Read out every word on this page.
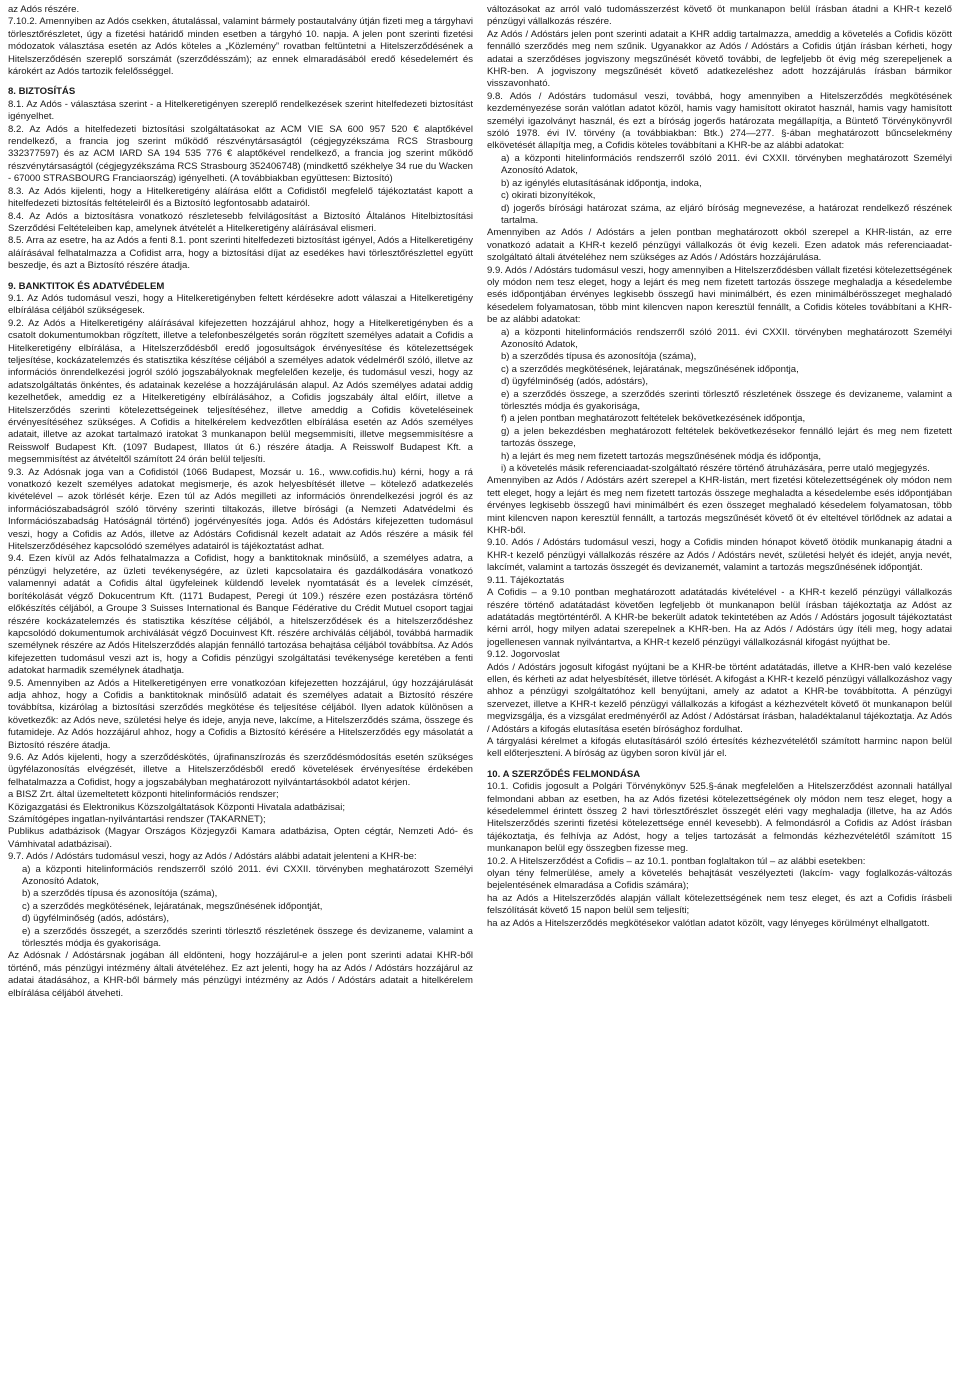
az Adós részére.

7.10.2. Amennyiben az Adós csekken, átutalással, valamint bármely postautalvány útján fizeti meg a tárgyhavi törlesztőrészletet, úgy a fizetési határidő minden esetben a tárgyhó 10. napja. A jelen pont szerinti fizetési módozatok választása esetén az Adós köteles a „Közlemény” rovatban feltüntetni a Hitelszerződésének a Hitelszerződésén szereplő sorszámát (szerződésszám); az ennek elmaradásából eredő késedelemért és károkért az Adós tartozik felelősséggel.

8. BIZTOSÍTÁS

8.1. Az Adós - választása szerint - a Hitelkeretigényen szereplő rendelkezések szerint hitelfedezeti biztosítást igényelhet.

8.2. Az Adós a hitelfedezeti biztosítási szolgáltatásokat az ACM VIE SA 600 957 520 € alaptőkével rendelkező, a francia jog szerint működő részvénytársaságtól (cégjegyzékszáma RCS Strasbourg 332377597) és az ACM IARD SA 194 535 776 € alaptőkével rendelkező, a francia jog szerint működő részvénytársaságtól (cégjegyzékszáma RCS Strasbourg 352406748) (mindkettő székhelye 34 rue du Wacken - 67000 STRASBOURG Franciaország) igényelheti. (A továbbiakban együttesen: Biztosító)

8.3. Az Adós kijelenti, hogy a Hitelkeretigény aláírása előtt a Cofidistől megfelelő tájékoztatást kapott a hitelfedezeti biztosítás feltételeiről és a Biztosító legfontosabb adatairól.

8.4. Az Adós a biztosításra vonatkozó részletesebb felvilágosítást a Biztosító Általános Hitelbiztosítási Szerződési Feltételeiben kap, amelynek átvételét a Hitelkeretigény aláírásával elismeri.

8.5. Arra az esetre, ha az Adós a fenti 8.1. pont szerinti hitelfedezeti biztosítást igényel, Adós a Hitelkeretigény aláírásával felhatalmazza a Cofidist arra, hogy a biztosítási díjat az esedékes havi törlesztőrészlettel együtt beszedje, és azt a Biztosító részére átadja.

9. BANKTITOK ÉS ADATVÉDELEM

9.1. Az Adós tudomásul veszi, hogy a Hitelkeretigényben feltett kérdésekre adott válaszai a Hitelkeretigény elbírálása céljából szükségesek.

9.2. Az Adós a Hitelkeretigény aláírásával kifejezetten hozzájárul ahhoz, hogy a Hitelkeretigényben és a csatolt dokumentumokban rögzített, illetve a telefonbeszélgetés során rögzített személyes adatait a Cofidis a Hitelkeretigény elbírálása, a Hitelszerződésből eredő jogosultságok érvényesítése és kötelezettségek teljesítése, kockázatelemzés és statisztika készítése céljából a személyes adatok védelméről szóló, illetve az információs önrendelkezési jogról szóló jogszabályoknak megfelelően kezelje, és tudomásul veszi, hogy az adatszolgáltatás önkéntes, és adatainak kezelése a hozzájárulásán alapul. Az Adós személyes adatai addig kezelhetőek, ameddig ez a Hitelkeretigény elbírálásához, a Cofidis jogszabály által előírt, illetve a Hitelszerződés szerinti kötelezettségeinek teljesítéséhez, illetve ameddig a Cofidis követeléseinek érvényesítéséhez szükséges. A Cofidis a hitelkérelem kedvezőtlen elbírálása esetén az Adós személyes adatait, illetve az azokat tartalmazó iratokat 3 munkanapon belül megsemmisíti, illetve megsemmisítésre a Reisswolf Budapest Kft. (1097 Budapest, Illatos út 6.) részére átadja. A Reisswolf Budapest Kft. a megsemmisítést az átvételtől számított 24 órán belül teljesíti.

9.3. Az Adósnak joga van a Cofidistól (1066 Budapest, Mozsár u. 16., www.cofidis.hu) kérni, hogy a rá vonatkozó kezelt személyes adatokat megismerje, és azok helyesbítését illetve – kötelező adatkezelés kivételével – azok törlését kérje. Ezen túl az Adós megilleti az információs önrendelkezési jogról és az információszabadságról szóló törvény szerinti tiltakozás, illetve bírósági (a Nemzeti Adatvédelmi és Információszabadság Hatóságnál történő) jogérvényesítés joga. Adós és Adóstárs kifejezetten tudomásul veszi, hogy a Cofidis az Adós, illetve az Adóstárs Cofidisnál kezelt adatait az Adós részére a másik fél Hitelszerződéséhez kapcsolódó személyes adatairól is tájékoztatást adhat.

9.4. Ezen kívül az Adós felhatalmazza a Cofidist, hogy a banktitoknak minősülő, a személyes adatra, a pénzügyi helyzetére, az üzleti tevékenységére, az üzleti kapcsolataira és gazdálkodására vonatkozó valamennyi adatát a Cofidis által ügyfeleinek küldendő levelek nyomtatását és a levelek címzését, borítékolását végző Dokucentrum Kft. (1171 Budapest, Peregi út 109.) részére ezen postázásra történő előkészítés céljából, a Groupe 3 Suisses International és Banque Fédérative du Crédit Mutuel csoport tagjai részére kockázatelemzés és statisztika készítése céljából, a hitelszerződések és a hitelszerződéshez kapcsolódó dokumentumok archiválását végző Docuinvest Kft. részére archiválás céljából, továbbá harmadik személynek részére az Adós Hitelszerződés alapján fennálló tartozása behajtása céljából továbbítsa. Az Adós kifejezetten tudomásul veszi azt is, hogy a Cofidis pénzügyi szolgáltatási tevékenysége keretében a fenti adatokat harmadik személynek átadhatja.

9.5. Amennyiben az Adós a Hitelkeretigényen erre vonatkozóan kifejezetten hozzájárul, úgy hozzájárulását adja ahhoz, hogy a Cofidis a banktitoknak minősülő adatait és személyes adatait a Biztosító részére továbbítsa, kizárólag a biztosítási szerződés megkötése és teljesítése céljából. Ilyen adatok különösen a következők: az Adós neve, születési helye és ideje, anyja neve, lakcíme, a Hitelszerződés száma, összege és futamideje. Az Adós hozzájárul ahhoz, hogy a Cofidis a Biztosító kérésére a Hitelszerződés egy másolatát a Biztosító részére átadja.

9.6. Az Adós kijelenti, hogy a szerződéskötés, újrafinanszírozás és szerződésmódosítás esetén szükséges ügyfélazonosítás elvégzését, illetve a Hitelszerződésből eredő követelések érvényesítése érdekében felhatalmazza a Cofidist, hogy a jogszabályban meghatározott nyilvántartásokból adatot kérjen.

a BISZ Zrt. által üzemeltetett központi hitelinformációs rendszer;

Közigazgatási és Elektronikus Közszolgáltatások Központi Hivatala adatbázisai;

Számítógépes ingatlan-nyilvántartási rendszer (TAKARNET);

Publikus adatbázisok (Magyar Országos Közjegyzői Kamara adatbázisa, Opten cégtár, Nemzeti Adó- és Vámhivatal adatbázisai).

9.7. Adós / Adóstárs tudomásul veszi, hogy az Adós / Adóstárs alábbi adatait jelenteni a KHR-be:

a) a központi hitelinformációs rendszerről szóló 2011. évi CXXII. törvényben meghatározott Személyi Azonosító Adatok,

b) a szerződés típusa és azonosítója (száma),

c) a szerződés megkötésének, lejáratának, megszűnésének időpontját,

d) ügyfélminőség (adós, adóstárs),

e) a szerződés összegét, a szerződés szerinti törlesztő részletének összege és devizaneme, valamint a törlesztés módja és gyakorisága.

Az Adósnak / Adóstársnak jogában áll eldönteni, hogy hozzájárul-e a jelen pont szerinti adatai KHR-ből történő, más pénzügyi intézmény általi átvételéhez. Ez azt jelenti, hogy ha az Adós / Adóstárs hozzájárul az adatai átadásához, a KHR-ből bármely más pénzügyi intézmény az Adós / Adóstárs adatait a hitelkérelem elbírálása céljából átveheti.

változásokat az arról való tudomásszerzést követő öt munkanapon belül írásban átadni a KHR-t kezelő pénzügyi vállalkozás részére.

Az Adós / Adóstárs jelen pont szerinti adatait a KHR addig tartalmazza, ameddig a követelés a Cofidis között fennálló szerződés meg nem szűnik. Ugyanakkor az Adós / Adóstárs a Cofidis útján írásban kérheti, hogy adatai a szerződéses jogviszony megszűnését követő további, de legfeljebb öt évig még szerepeljenek a KHR-ben. A jogviszony megszűnését követő adatkezeléshez adott hozzájárulás írásban bármikor visszavonható.

9.8. Adós / Adóstárs tudomásul veszi, továbbá, hogy amennyiben a Hitelszerződés megkötésének kezdeményezése során valótlan adatot közöl, hamis vagy hamisított okiratot használ, hamis vagy hamisított személyi igazolványt használ, és ezt a bíróság jogerős határozata megállapítja, a Büntető Törvénykönyvről szóló 1978. évi IV. törvény (a továbbiakban: Btk.) 274—277. §-ában meghatározott bűncselekmény elkövetését állapítja meg, a Cofidis köteles továbbítani a KHR-be az alábbi adatokat:

a) a központi hitelinformációs rendszerről szóló 2011. évi CXXII. törvényben meghatározott Személyi Azonosító Adatok,

b) az igénylés elutasításának időpontja, indoka,

c) okirati bizonyítékok,

d) jogerős bírósági határozat száma, az eljáró bíróság megnevezése, a határozat rendelkező részének tartalma.

Amennyiben az Adós / Adóstárs a jelen pontban meghatározott okból szerepel a KHR-listán, az erre vonatkozó adatait a KHR-t kezelő pénzügyi vállalkozás öt évig kezeli. Ezen adatok más referenciaadat-szolgáltató általi átvételéhez nem szükséges az Adós / Adóstárs hozzájárulása.

9.9. Adós / Adóstárs tudomásul veszi, hogy amennyiben a Hitelszerződésben vállalt fizetési kötelezettségének oly módon nem tesz eleget, hogy a lejárt és meg nem fizetett tartozás összege meghaladja a késedelembe esés időpontjában érvényes legkisebb összegű havi minimálbért, és ezen minimálbérösszeget meghaladó késedelem folyamatosan, több mint kilencven napon keresztül fennállt, a Cofidis köteles továbbítani a KHR-be az alábbi adatokat:

a) a központi hitelinformációs rendszerről szóló 2011. évi CXXII. törvényben meghatározott Személyi Azonosító Adatok,

b) a szerződés típusa és azonosítója (száma),

c) a szerződés megkötésének, lejáratának, megszűnésének időpontja,

d) ügyfélminőség (adós, adóstárs),

e) a szerződés összege, a szerződés szerinti törlesztő részletének összege és devizaneme, valamint a törlesztés módja és gyakorisága,

f) a jelen pontban meghatározott feltételek bekövetkezésének időpontja,

g) a jelen bekezdésben meghatározott feltételek bekövetkezésekor fennálló lejárt és meg nem fizetett tartozás összege,

h) a lejárt és meg nem fizetett tartozás megszűnésének módja és időpontja,

i) a követelés másik referenciaadat-szolgáltató részére történő átruházására, perre utaló megjegyzés.

Amennyiben az Adós / Adóstárs azért szerepel a KHR-listán, mert fizetési kötelezettségének oly módon nem tett eleget, hogy a lejárt és meg nem fizetett tartozás összege meghaladta a késedelembe esés időpontjában érvényes legkisebb összegű havi minimálbért és ezen összeget meghaladó késedelem folyamatosan, több mint kilencven napon keresztül fennállt, a tartozás megszűnését követő öt év elteltével törlődnek az adatai a KHR-ből.

9.10. Adós / Adóstárs tudomásul veszi, hogy a Cofidis minden hónapot követő ötödik munkanapig átadni a KHR-t kezelő pénzügyi vállalkozás részére az Adós / Adóstárs nevét, születési helyét és idejét, anyja nevét, lakcímét, valamint a tartozás összegét és devizanemét, valamint a tartozás megszűnésének időpontját.

9.11. Tájékoztatás

A Cofidis – a 9.10 pontban meghatározott adatátadás kivételével - a KHR-t kezelő pénzügyi vállalkozás részére történő adatátadást követően legfeljebb öt munkanapon belül írásban tájékoztatja az Adóst az adatátadás megtörténtéről. A KHR-be bekerült adatok tekintetében az Adós / Adóstárs jogosult tájékoztatást kérni arról, hogy milyen adatai szerepelnek a KHR-ben. Ha az Adós / Adóstárs úgy ítéli meg, hogy adatai jogellenesen vannak nyilvántartva, a KHR-t kezelő pénzügyi vállalkozásnál kifogást nyújthat be.

9.12. Jogorvoslat

Adós / Adóstárs jogosult kifogást nyújtani be a KHR-be történt adatátadás, illetve a KHR-ben való kezelése ellen, és kérheti az adat helyesbítését, illetve törlését. A kifogást a KHR-t kezelő pénzügyi vállalkozáshoz vagy ahhoz a pénzügyi szolgáltatóhoz kell benyújtani, amely az adatot a KHR-be továbbította. A pénzügyi szervezet, illetve a KHR-t kezelő pénzügyi vállalkozás a kifogást a kézhezvételt követő öt munkanapon belül megvizsgálja, és a vizsgálat eredményéről az Adóst / Adóstársat írásban, haladéktalanul tájékoztatja. Az Adós / Adóstárs a kifogás elutasítása esetén bírósághoz fordulhat.

A tárgyalási kérelmet a kifogás elutasításáról szóló értesítés kézhezvételétől számított harminc napon belül kell előterjeszteni. A bíróság az ügyben soron kívül jár el.

10. A SZERZŐDÉS FELMONDÁSA

10.1. Cofidis jogosult a Polgári Törvénykönyv 525.§-ának megfelelően a Hitelszerződést azonnali hatállyal felmondani abban az esetben, ha az Adós fizetési kötelezettségének oly módon nem tesz eleget, hogy a késedelemmel érintett összeg 2 havi törlesztőrészlet összegét eléri vagy meghaladja (illetve, ha az Adós Hitelszerződés szerinti fizetési kötelezettsége ennél kevesebb). A felmondásról a Cofidis az Adóst írásban tájékoztatja, és felhívja az Adóst, hogy a teljes tartozását a felmondás kézhezvételétől számított 15 munkanapon belül egy összegben fizesse meg.

10.2. A Hitelszerződést a Cofidis – az 10.1. pontban foglaltakon túl – az alábbi esetekben:

olyan tény felmerülése, amely a követelés behajtását veszélyezteti (lakcím- vagy foglalkozás-változás bejelentésének elmaradása a Cofidis számára);

ha az Adós a Hitelszerződés alapján vállalt kötelezettségének nem tesz eleget, és azt a Cofidis írásbeli felszólítását követő 15 napon belül sem teljesíti;

ha az Adós a Hitelszerződés megkötésekor valótlan adatot közölt, vagy lényeges körülményt elhallgatott.
